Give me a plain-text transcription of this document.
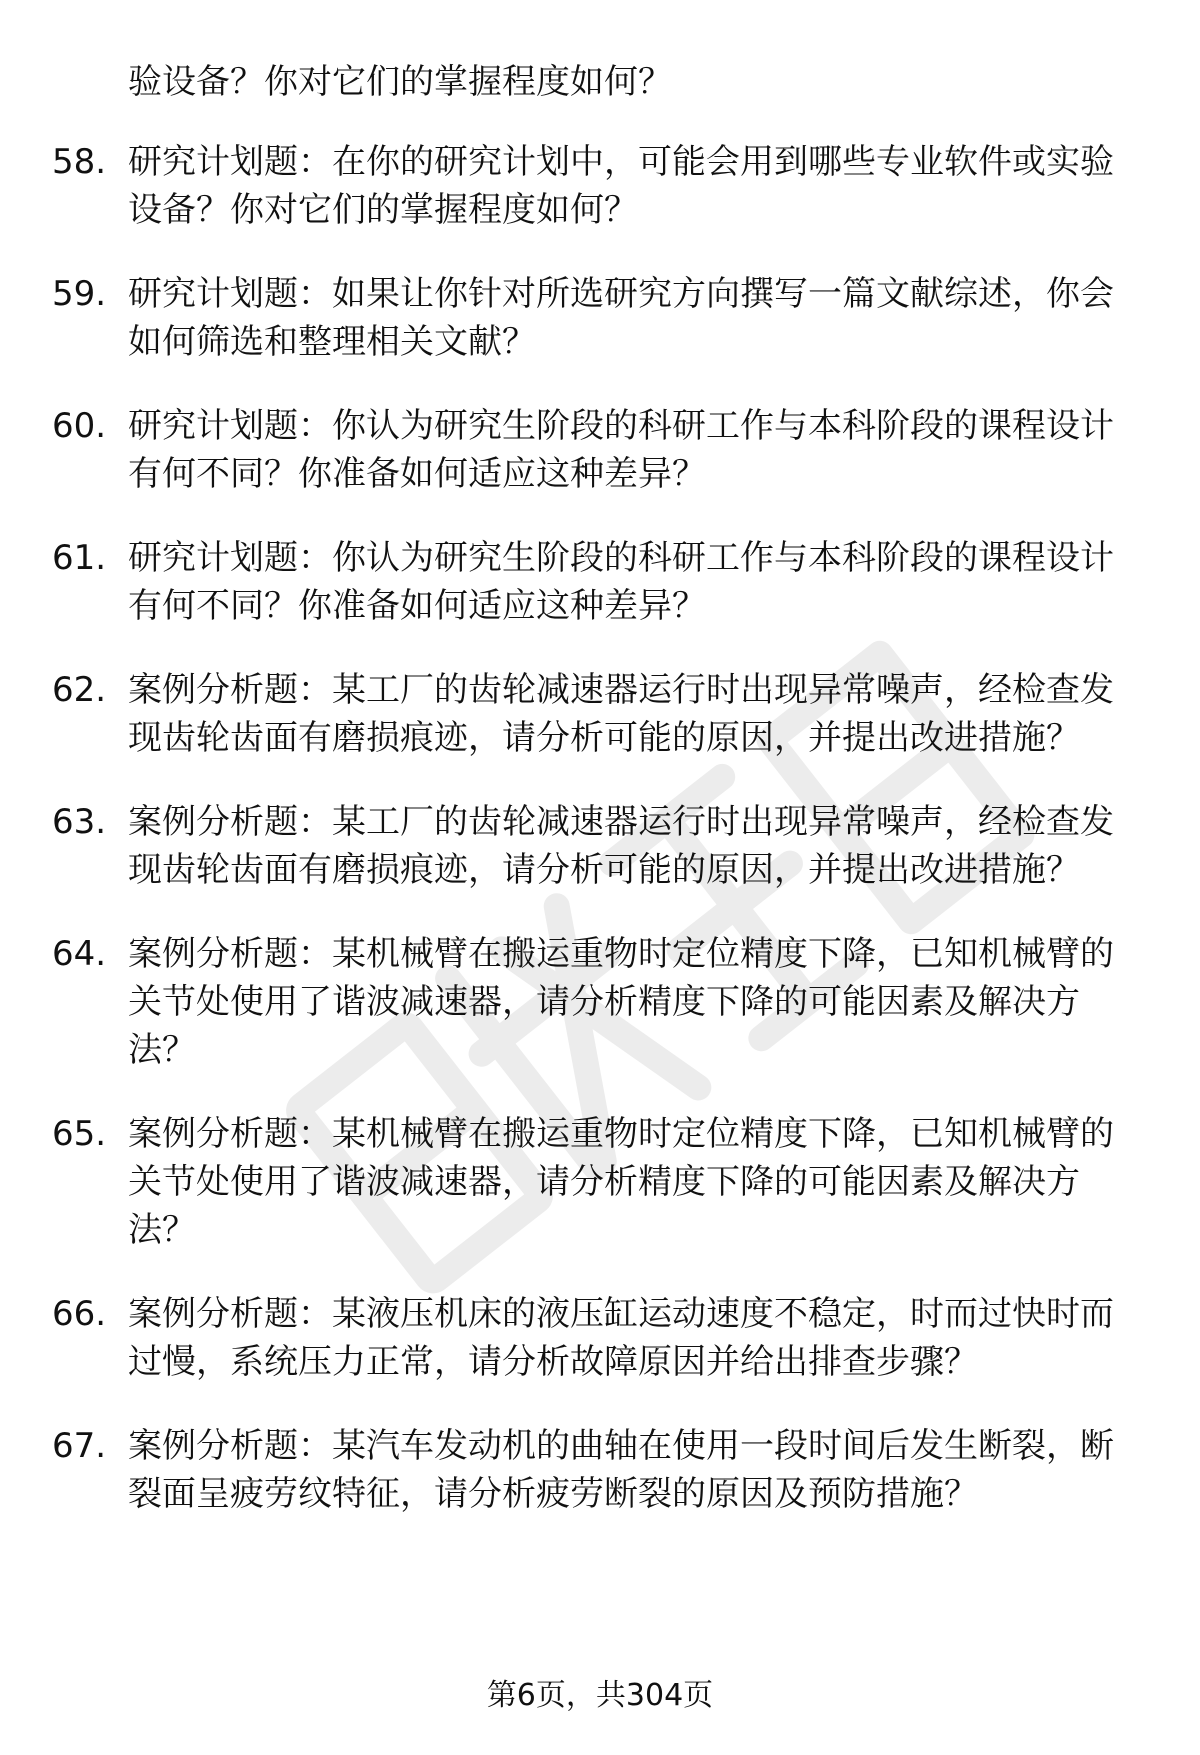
验设备？你对它们的掌握程度如何？
58. 研究计划题：在你的研究计划中，可能会用到哪些专业软件或实验设备？你对它们的掌握程度如何？
59. 研究计划题：如果让你针对所选研究方向撰写一篇文献综述，你会如何筛选和整理相关文献？
60. 研究计划题：你认为研究生阶段的科研工作与本科阶段的课程设计有何不同？你准备如何适应这种差异？
61. 研究计划题：你认为研究生阶段的科研工作与本科阶段的课程设计有何不同？你准备如何适应这种差异？
62. 案例分析题：某工厂的齿轮减速器运行时出现异常噪声，经检查发现齿轮齿面有磨损痕迹，请分析可能的原因，并提出改进措施？
63. 案例分析题：某工厂的齿轮减速器运行时出现异常噪声，经检查发现齿轮齿面有磨损痕迹，请分析可能的原因，并提出改进措施？
64. 案例分析题：某机械臂在搬运重物时定位精度下降，已知机械臂的关节处使用了谐波减速器，请分析精度下降的可能因素及解决方法？
65. 案例分析题：某机械臂在搬运重物时定位精度下降，已知机械臂的关节处使用了谐波减速器，请分析精度下降的可能因素及解决方法？
66. 案例分析题：某液压机床的液压缸运动速度不稳定，时而过快时而过慢，系统压力正常，请分析故障原因并给出排查步骤？
67. 案例分析题：某汽车发动机的曲轴在使用一段时间后发生断裂，断裂面呈疲劳纹特征，请分析疲劳断裂的原因及预防措施？
第6页，共304页
